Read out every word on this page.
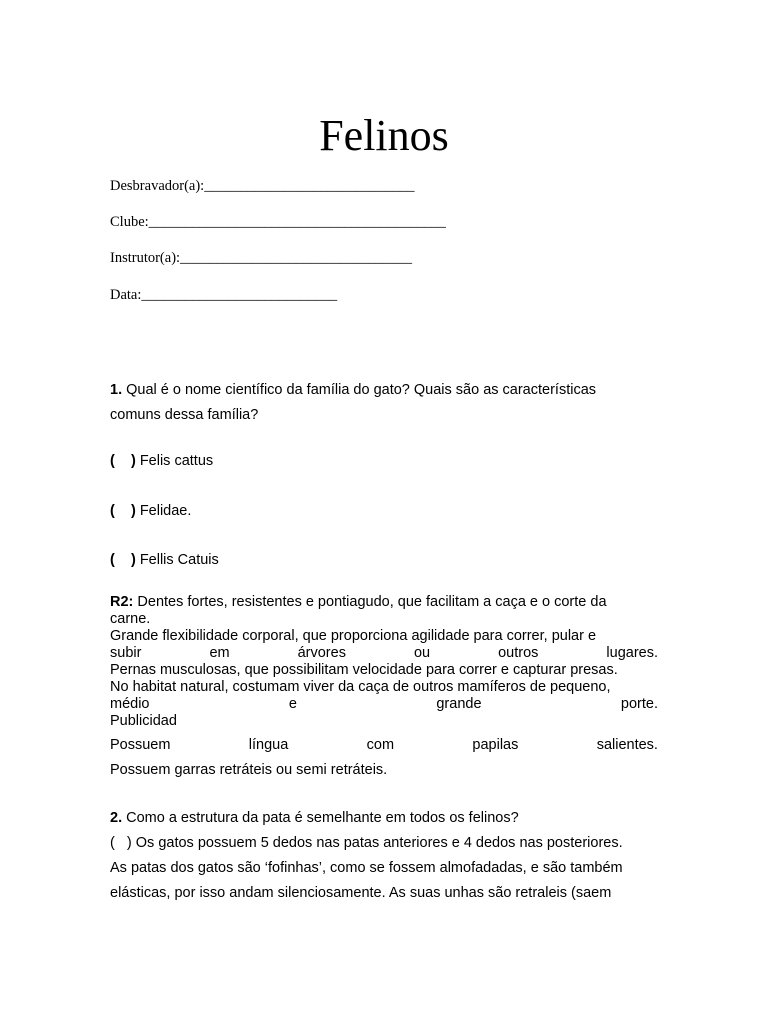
Felinos
Desbravador(a):_____________________________
Clube:_________________________________________
Instrutor(a):________________________________
Data:___________________________
1. Qual é o nome científico da família do gato? Quais são as características
comuns dessa família?
(    ) Felis cattus
(    ) Felidae.
(    ) Fellis Catuis
R2: Dentes fortes, resistentes e pontiagudo, que facilitam a caça e o corte da
carne.
Grande flexibilidade corporal, que proporciona agilidade para correr, pular e
subir	em	árvores	ou	outros	lugares.
Pernas musculosas, que possibilitam velocidade para correr e capturar presas.
No habitat natural, costumam viver da caça de outros mamíferos de pequeno,
médio	e	grande	porte.
Publicidad
Possuem	língua	com	papilas	salientes.
Possuem garras retráteis ou semi retráteis.
2. Como a estrutura da pata é semelhante em todos os felinos?
(   ) Os gatos possuem 5 dedos nas patas anteriores e 4 dedos nas posteriores.
As patas dos gatos são ‘fofinhas’, como se fossem almofadadas, e são também
elásticas, por isso andam silenciosamente. As suas unhas são retraleis (saem
